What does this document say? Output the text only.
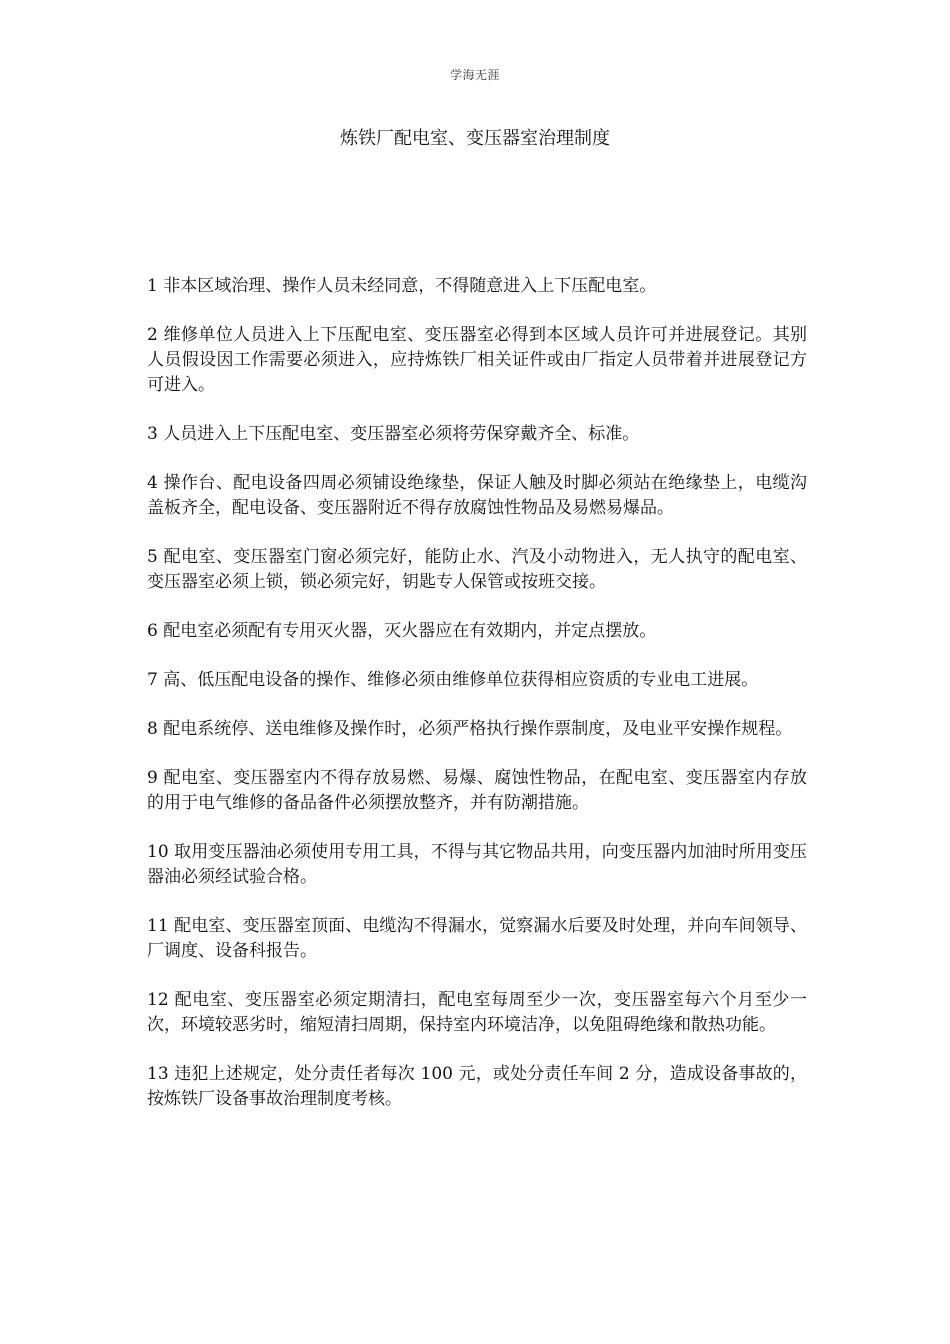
学海无涯
炼铁厂配电室、变压器室治理制度

1 非本区域治理、操作人员未经同意，不得随意进入上下压配电室。

2 维修单位人员进入上下压配电室、变压器室必得到本区域人员许可并进展登记。其别人员假设因工作需要必须进入，应持炼铁厂相关证件或由厂指定人员带着并进展登记方可进入。

3 人员进入上下压配电室、变压器室必须将劳保穿戴齐全、标准。

4 操作台、配电设备四周必须铺设绝缘垫，保证人触及时脚必须站在绝缘垫上，电缆沟盖板齐全，配电设备、变压器附近不得存放腐蚀性物品及易燃易爆品。

5 配电室、变压器室门窗必须完好，能防止水、汽及小动物进入，无人执守的配电室、变压器室必须上锁，锁必须完好，钥匙专人保管或按班交接。

6 配电室必须配有专用灭火器，灭火器应在有效期内，并定点摆放。

7 高、低压配电设备的操作、维修必须由维修单位获得相应资质的专业电工进展。

8 配电系统停、送电维修及操作时，必须严格执行操作票制度，及电业平安操作规程。

9 配电室、变压器室内不得存放易燃、易爆、腐蚀性物品，在配电室、变压器室内存放的用于电气维修的备品备件必须摆放整齐，并有防潮措施。

10 取用变压器油必须使用专用工具，不得与其它物品共用，向变压器内加油时所用变压器油必须经试验合格。

11 配电室、变压器室顶面、电缆沟不得漏水，觉察漏水后要及时处理，并向车间领导、厂调度、设备科报告。

12 配电室、变压器室必须定期清扫，配电室每周至少一次，变压器室每六个月至少一次，环境较恶劣时，缩短清扫周期，保持室内环境洁净，以免阻碍绝缘和散热功能。

13 违犯上述规定，处分责任者每次 100 元，或处分责任车间 2 分，造成设备事故的，按炼铁厂设备事故治理制度考核。
